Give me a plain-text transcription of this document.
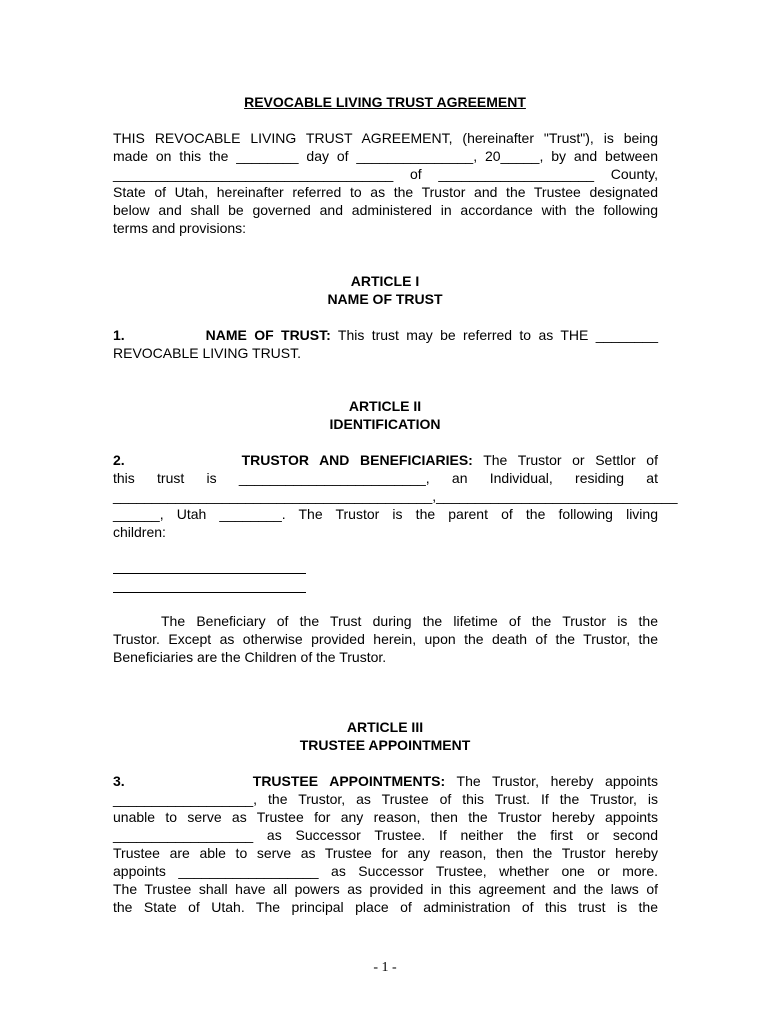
REVOCABLE LIVING TRUST AGREEMENT
THIS REVOCABLE LIVING TRUST AGREEMENT, (hereinafter "Trust"), is being
made on this the ________ day of _______________, 20_____, by and between
____________________________________ of ____________________ County,
State of Utah, hereinafter referred to as the Trustor and the Trustee designated
below and shall be governed and administered in accordance with the following
terms and provisions:
ARTICLE I
NAME OF TRUST
1.	NAME OF TRUST: This trust may be referred to as THE ________
REVOCABLE LIVING TRUST.
ARTICLE II
IDENTIFICATION
2.	TRUSTOR AND BENEFICIARIES: The Trustor or Settlor of
this trust is ________________________, an Individual, residing at
_________________________________________,_______________________________
______, Utah ________. The Trustor is the parent of the following living
children:
The Beneficiary of the Trust during the lifetime of the Trustor is the
Trustor. Except as otherwise provided herein, upon the death of the Trustor, the
Beneficiaries are the Children of the Trustor.
ARTICLE III
TRUSTEE APPOINTMENT
3.	TRUSTEE APPOINTMENTS: The Trustor, hereby appoints
__________________, the Trustor, as Trustee of this Trust. If the Trustor, is
unable to serve as Trustee for any reason, then the Trustor hereby appoints
__________________ as Successor Trustee. If neither the first or second
Trustee are able to serve as Trustee for any reason, then the Trustor hereby
appoints __________________ as Successor Trustee, whether one or more.
The Trustee shall have all powers as provided in this agreement and the laws of
the State of Utah. The principal place of administration of this trust is the
- 1 -
